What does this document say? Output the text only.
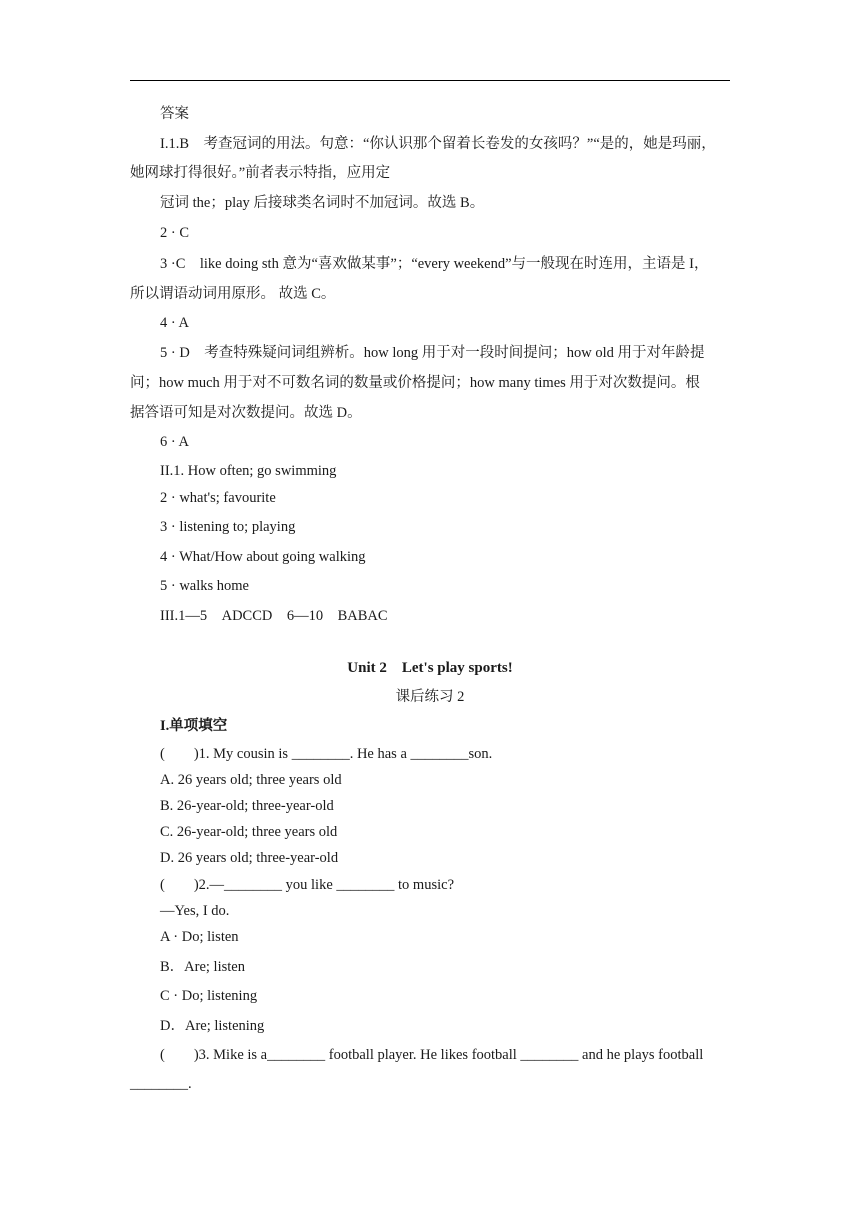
答案
I.1.B　考查冠词的用法。句意：“你认识那个留着长卷发的女孩吗？”“是的，她是玛丽，
她网球打得很好。”前者表示特指，应用定
冠词 the；play 后接球类名词时不加冠词。故选 B。
2 · C
3 ·C　like doing sth 意为“喜欢做某事”；“every weekend”与一般现在时连用，主语是 I，
所以谓语动词用原形。 故选 C。
4 · A
5 · D　考查特殊疑问词组辨析。how long 用于对一段时间提问；how old 用于对年龄提
问；how much 用于对不可数名词的数量或价格提问；how many times 用于对次数提问。根
据答语可知是对次数提问。故选 D。
6 · A
II.1. How often; go swimming
2 · what's; favourite
3 · listening to; playing
4 · What/How about going walking
5 · walks home
III.1—5　ADCCD　6—10　BABAC
Unit 2　Let's play sports!
课后练习 2
I.单项填空
(　　)1. My cousin is ________. He has a ________son.
A. 26 years old; three years old
B. 26-year-old; three-year-old
C. 26-year-old; three years old
D. 26 years old; three-year-old
(　　)2.—________ you like ________ to music?
—Yes, I do.
A · Do; listen
B．Are; listen
C · Do; listening
D．Are; listening
(　　)3. Mike is a________ football player. He likes football ________ and he plays football
________.
